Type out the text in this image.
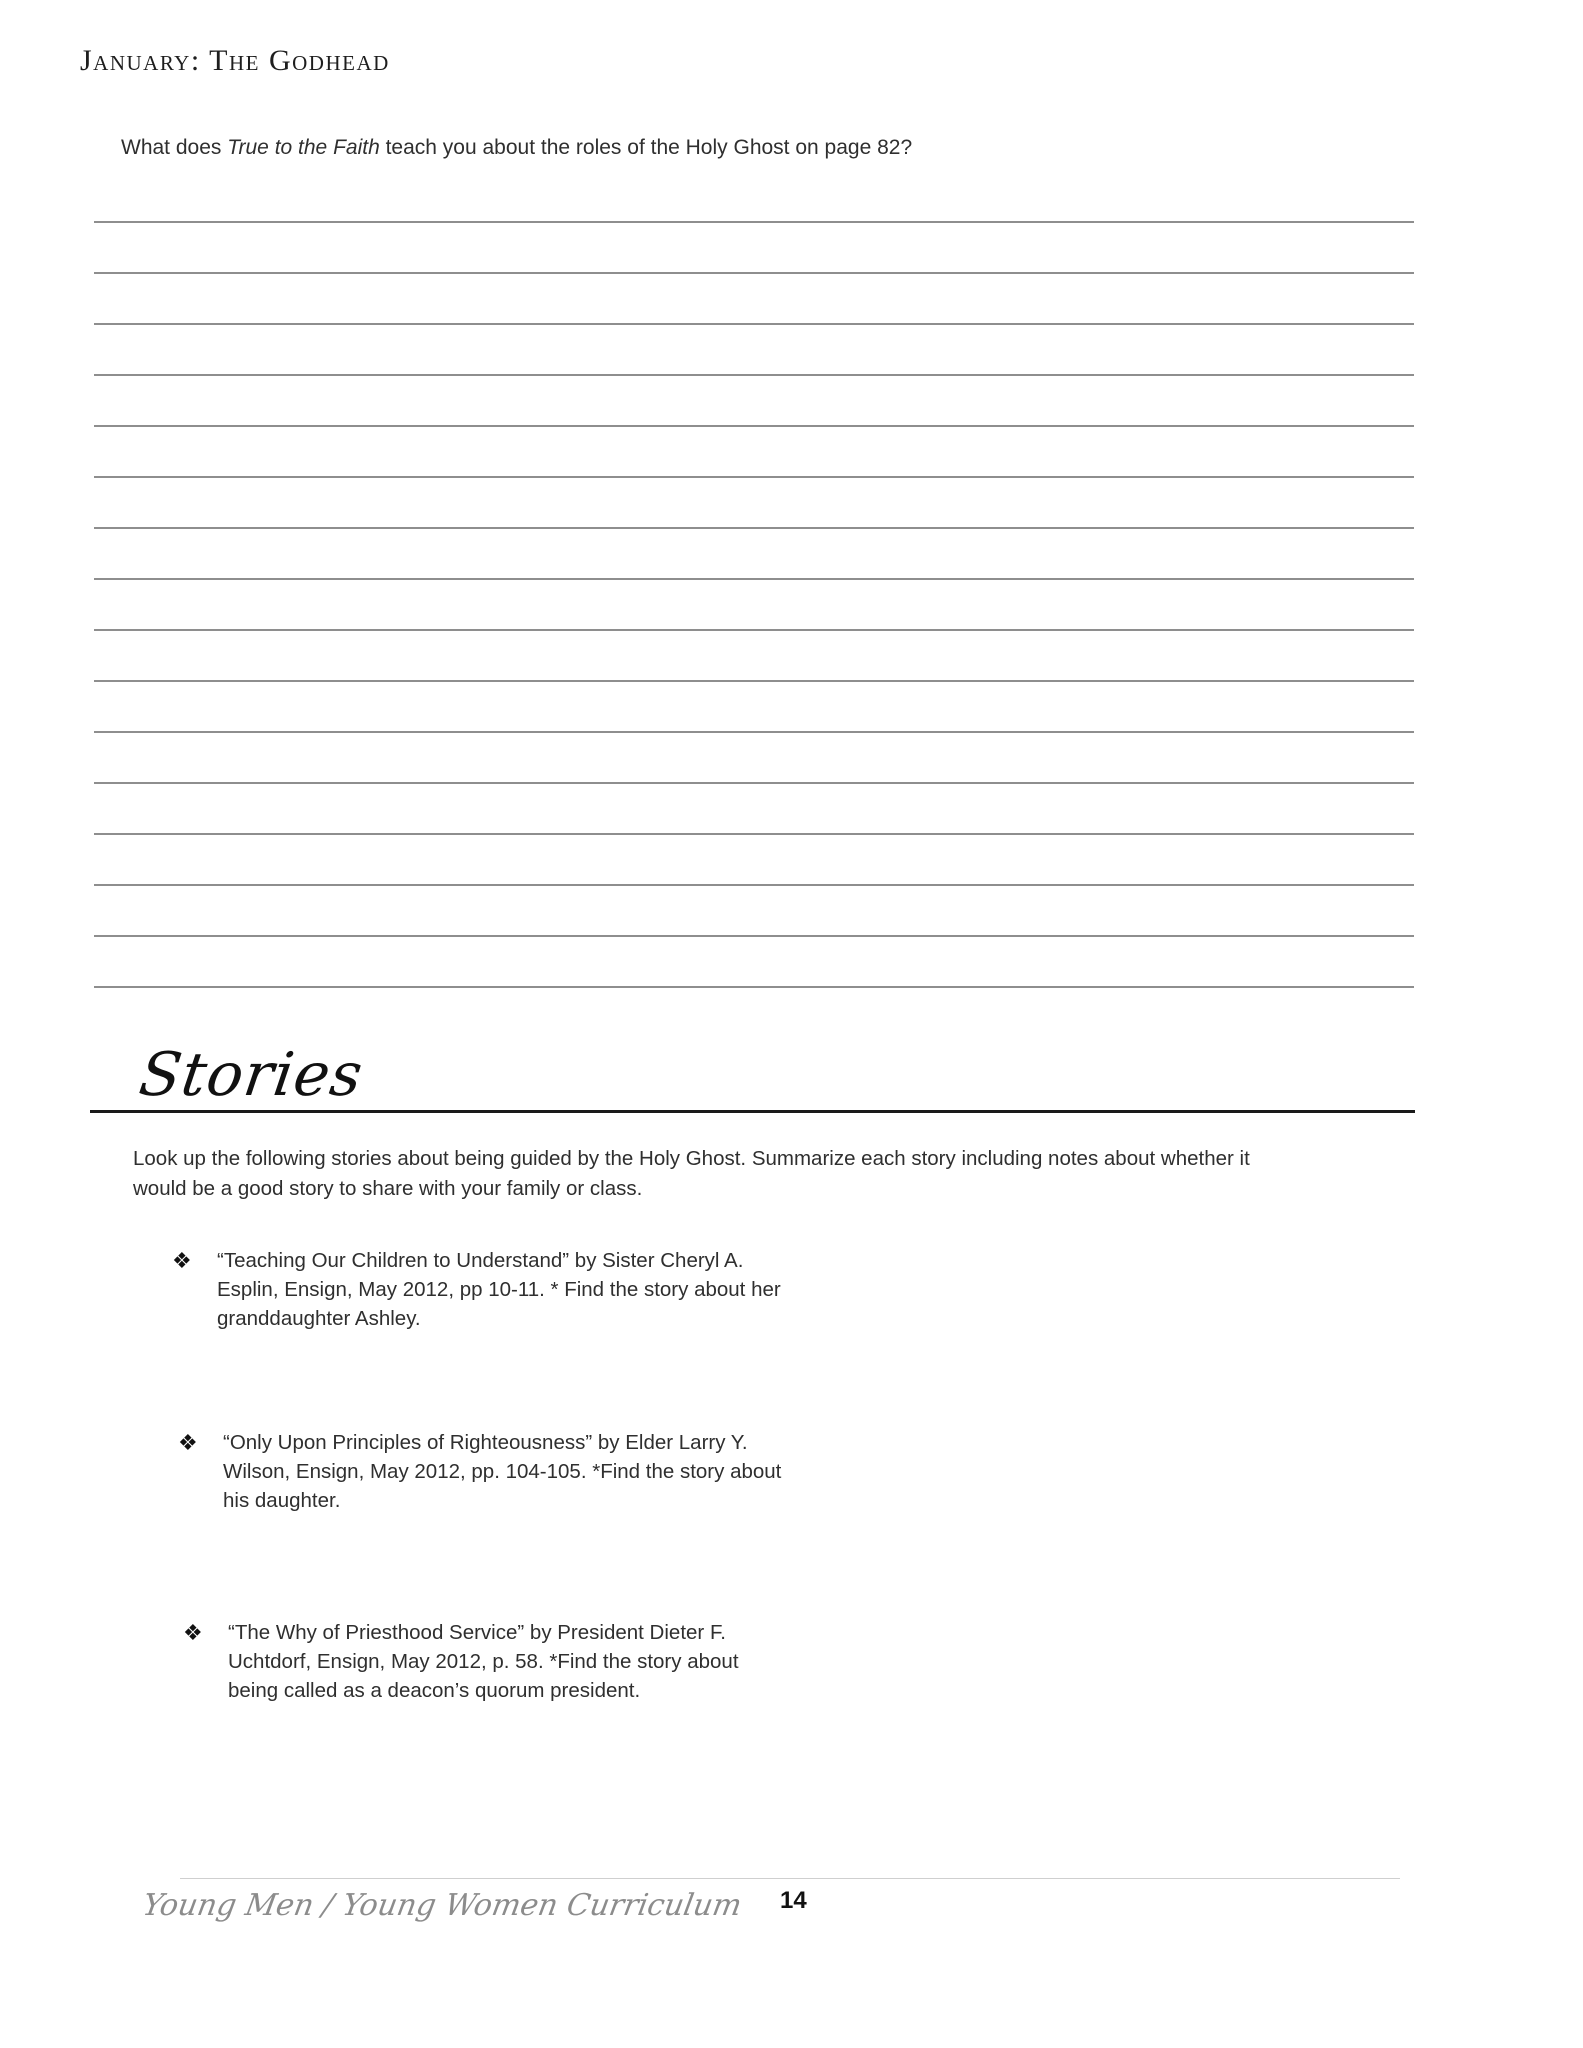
January: The Godhead
What does True to the Faith teach you about the roles of the Holy Ghost on page 82?
Stories
Look up the following stories about being guided by the Holy Ghost. Summarize each story including notes about whether it
would be a good story to share with your family or class.
❖ “Teaching Our Children to Understand” by Sister Cheryl A.
Esplin, Ensign, May 2012, pp 10-11. * Find the story about her
granddaughter Ashley.
❖ “Only Upon Principles of Righteousness” by Elder Larry Y.
Wilson, Ensign, May 2012, pp. 104-105. *Find the story about
his daughter.
❖ “The Why of Priesthood Service” by President Dieter F.
Uchtdorf, Ensign, May 2012, p. 58. *Find the story about
being called as a deacon’s quorum president.
Young Men / Young Women Curriculum 14
